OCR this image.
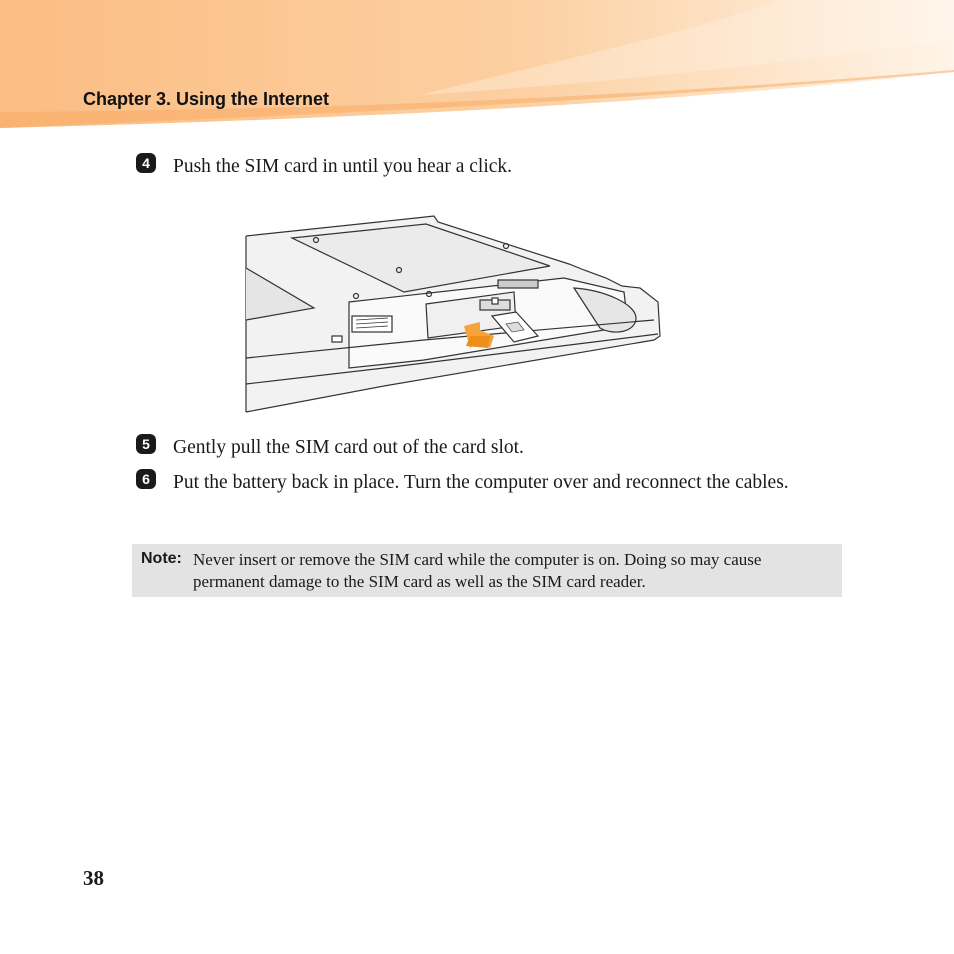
Chapter 3. Using the Internet
4	Push the SIM card in until you hear a click.
5	Gently pull the SIM card out of the card slot.
6	Put the battery back in place. Turn the computer over and reconnect the cables.
Note: Never insert or remove the SIM card while the computer is on. Doing so may cause permanent damage to the SIM card as well as the SIM card reader.
38
